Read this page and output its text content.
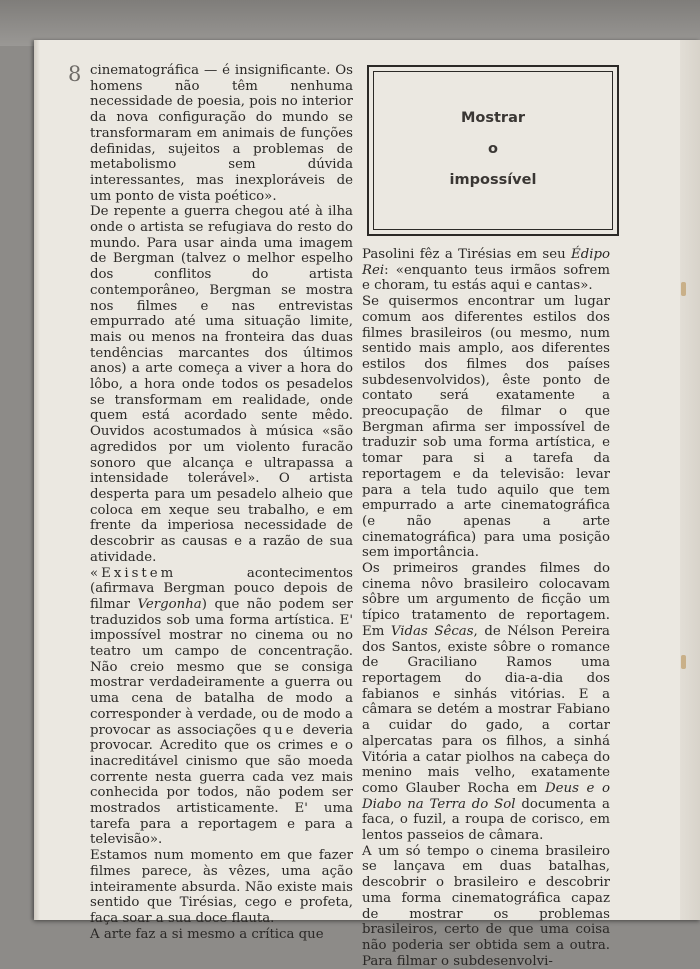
8 cinematográfica — é insignificante. Os homens não têm nenhuma necessidade de poesia, pois no interior da nova configuração do mundo se transformaram em animais de funções definidas, sujeitos a problemas de metabolismo sem dúvida interessantes, mas inexploráveis de um ponto de vista poético».

De repente a guerra chegou até à ilha onde o artista se refugiava do resto do mundo. Para usar ainda uma imagem de Bergman (talvez o melhor espelho dos conflitos do artista contemporâneo, Bergman se mostra nos filmes e nas entrevistas empurrado até uma situação limite, mais ou menos na fronteira das duas tendências marcantes dos últimos anos) a arte começa a viver a hora do lôbo, a hora onde todos os pesadelos se transformam em realidade, onde quem está acordado sente mêdo. Ouvidos acostumados à música «são agredidos por um violento furacão sonoro que alcança e ultrapassa a intensidade tolerável». O artista desperta para um pesadelo alheio que coloca em xeque seu trabalho, e em frente da imperiosa necessidade de descobrir as causas e a razão de sua atividade.

«Existem acontecimentos (afirmava Bergman pouco depois de filmar Vergonha) que não podem ser traduzidos sob uma forma artística. E' impossível mostrar no cinema ou no teatro um campo de concentração. Não creio mesmo que se consiga mostrar verdadeiramente a guerra ou uma cena de batalha de modo a corresponder à verdade, ou de modo a provocar as associações que deveria provocar. Acredito que os crimes e o inacreditável cinismo que são moeda corrente nesta guerra cada vez mais conhecida por todos, não podem ser mostrados artisticamente. E' uma tarefa para a reportagem e para a televisão».

Estamos num momento em que fazer filmes parece, às vêzes, uma ação inteiramente absurda. Não existe mais sentido que Tirésias, cego e profeta, faça soar a sua doce flauta.

A arte faz a si mesmo a crítica que

Mostrar
o
impossível

Pasolini fêz a Tirésias em seu Édipo Rei: «enquanto teus irmãos sofrem e choram, tu estás aqui e cantas».

Se quisermos encontrar um lugar comum aos diferentes estilos dos filmes brasileiros (ou mesmo, num sentido mais amplo, aos diferentes estilos dos filmes dos países subdesenvolvidos), êste ponto de contato será exatamente a preocupação de filmar o que Bergman afirma ser impossível de traduzir sob uma forma artística, e tomar para si a tarefa da reportagem e da televisão: levar para a tela tudo aquilo que tem empurrado a arte cinematográfica (e não apenas a arte cinematográfica) para uma posição sem importância.

Os primeiros grandes filmes do cinema nôvo brasileiro colocavam sôbre um argumento de ficção um típico tratamento de reportagem. Em Vidas Sêcas, de Nélson Pereira dos Santos, existe sôbre o romance de Graciliano Ramos uma reportagem do dia-a-dia dos fabianos e sinhás vitórias. E a câmara se detém a mostrar Fabiano a cuidar do gado, a cortar alpercatas para os filhos, a sinhá Vitória a catar piolhos na cabeça do menino mais velho, exatamente como Glauber Rocha em Deus e o Diabo na Terra do Sol documenta a faca, o fuzil, a roupa de corisco, em lentos passeios de câmara.

A um só tempo o cinema brasileiro se lançava em duas batalhas, descobrir o brasileiro e descobrir uma forma cinematográfica capaz de mostrar os problemas brasileiros, certo de que uma coisa não poderia ser obtida sem a outra. Para filmar o subdesenvolvi-
